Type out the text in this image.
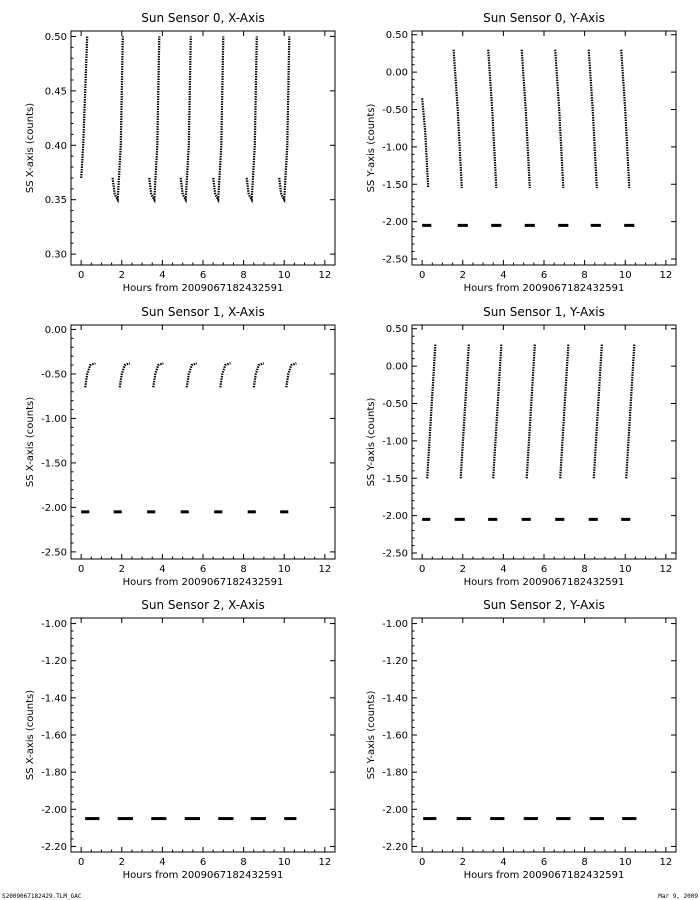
Sun Sensor 0, X-Axis
0	2	4	6	8	10	12
0.30
0.35
0.40
0.45
0.50
Hours from 2009067182432591
SS X-axis (counts)
Sun Sensor 0, Y-Axis
0	2	4	6	8	10	12
-2.50
-2.00
-1.50
-1.00
-0.50
0.00
0.50
Hours from 2009067182432591
SS Y-axis (counts)
Sun Sensor 1, X-Axis
0	2	4	6	8	10	12
-2.50
-2.00
-1.50
-1.00
-0.50
0.00
Hours from 2009067182432591
SS X-axis (counts)
Sun Sensor 1, Y-Axis
0	2	4	6	8	10	12
-2.50
-2.00
-1.50
-1.00
-0.50
0.00
0.50
Hours from 2009067182432591
SS Y-axis (counts)
Sun Sensor 2, X-Axis
0	2	4	6	8	10	12
-2.20
-2.00
-1.80
-1.60
-1.40
-1.20
-1.00
Hours from 2009067182432591
SS X-axis (counts)
Sun Sensor 2, Y-Axis
0	2	4	6	8	10	12
-2.20
-2.00
-1.80
-1.60
-1.40
-1.20
-1.00
Hours from 2009067182432591
SS Y-axis (counts)
S2009067182429.TLM_GAC	Mar 9, 2009
